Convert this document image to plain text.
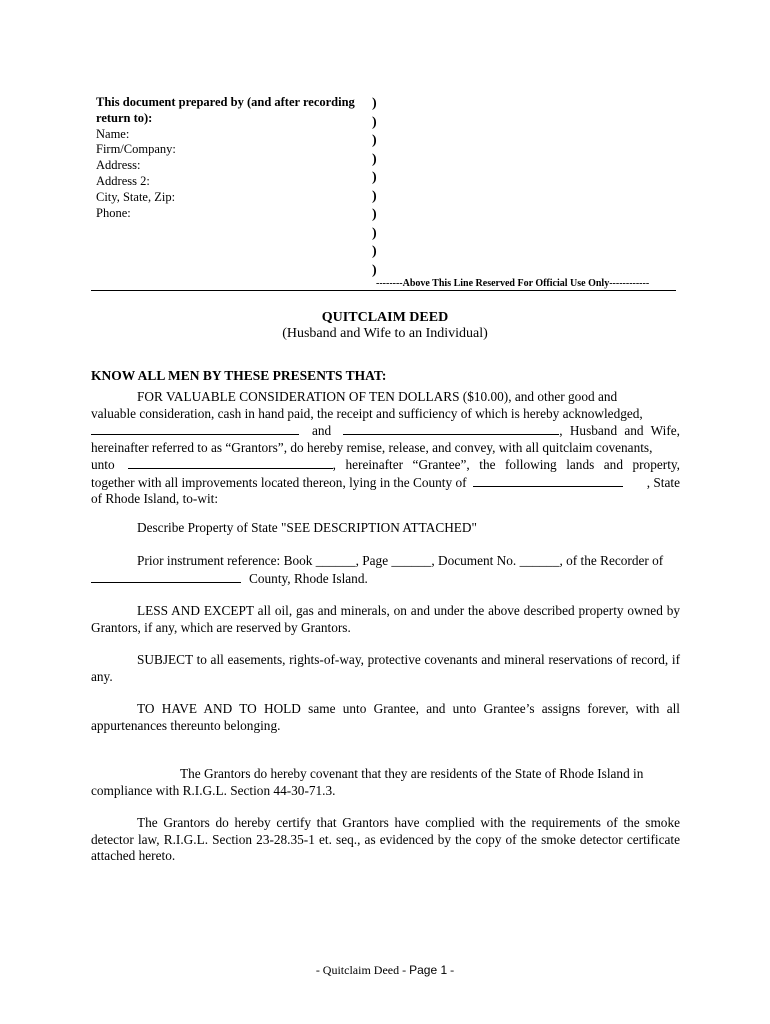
This document prepared by (and after recording
return to):
Name:
Firm/Company:
Address:
Address 2:
City, State, Zip:
Phone:
)
)
)
)
)
)
)
)
)
)
--------Above This Line Reserved For Official Use Only------------
QUITCLAIM DEED
(Husband and Wife to an Individual)
KNOW ALL MEN BY THESE PRESENTS THAT:
FOR VALUABLE CONSIDERATION OF TEN DOLLARS ($10.00), and other good and
valuable consideration, cash in hand paid, the receipt and sufficiency of which is hereby acknowledged,
and	, Husband and Wife,
hereinafter referred to as “Grantors”, do hereby remise, release, and convey, with all quitclaim covenants,
unto	, hereinafter “Grantee”, the following lands and property,
together with all improvements located thereon, lying in the County of	, State
of Rhode Island, to-wit:
Describe Property of State "SEE DESCRIPTION ATTACHED"
Prior instrument reference: Book ______, Page ______, Document No. ______, of the Recorder of
County, Rhode Island.
LESS AND EXCEPT all oil, gas and minerals, on and under the above described property owned by Grantors, if any, which are reserved by Grantors.
SUBJECT to all easements, rights-of-way, protective covenants and mineral reservations of record, if any.
TO HAVE AND TO HOLD same unto Grantee, and unto Grantee’s assigns forever, with all appurtenances thereunto belonging.
The Grantors do hereby covenant that they are residents of the State of Rhode Island in
compliance with R.I.G.L. Section 44-30-71.3.
The Grantors do hereby certify that Grantors have complied with the requirements of the smoke detector law, R.I.G.L. Section 23-28.35-1 et. seq., as evidenced by the copy of the smoke detector certificate attached hereto.
- Quitclaim Deed - Page 1 -
